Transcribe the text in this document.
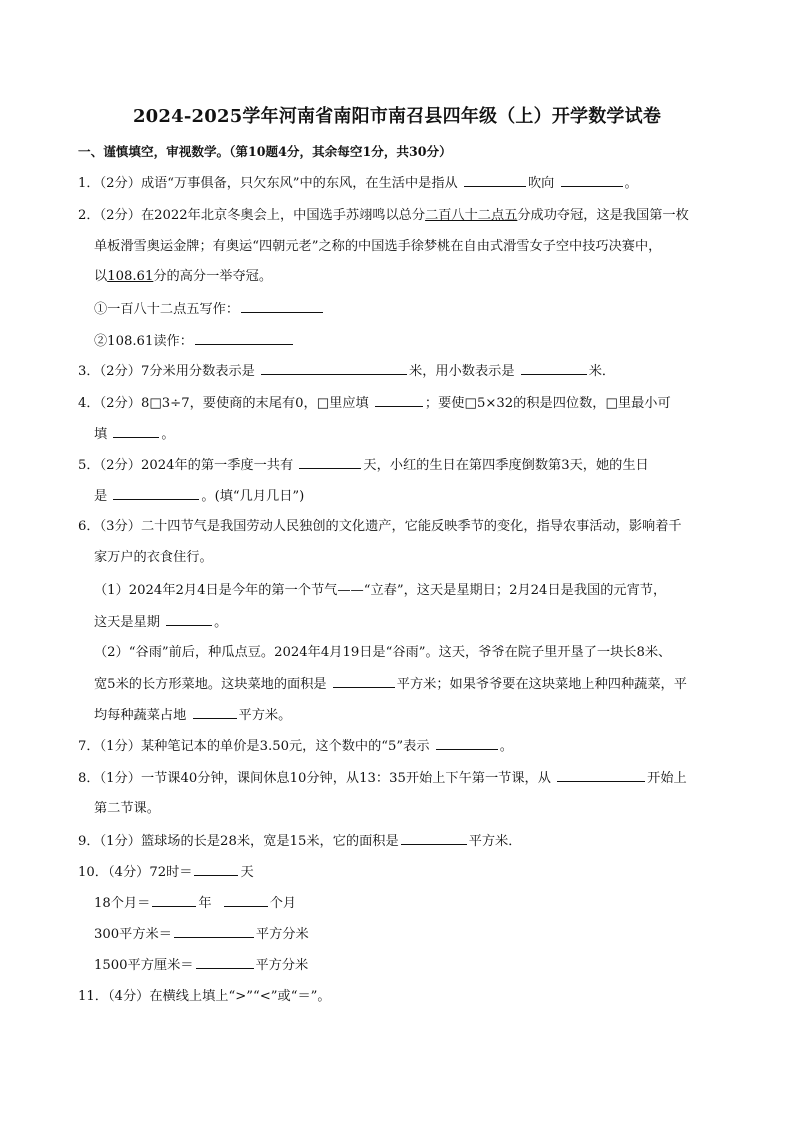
2024-2025学年河南省南阳市南召县四年级（上）开学数学试卷
一、谨慎填空，审视数学。（第10题4分，其余每空1分，共30分）
1．（2分）成语“万事俱备，只欠东风”中的东风，在生活中是指从	吹向	。
2．（2分）在2022年北京冬奥会上，中国选手苏翊鸣以总分二百八十二点五分成功夺冠，这是我国第一枚
单板滑雪奥运金牌；有奥运“四朝元老”之称的中国选手徐梦桃在自由式滑雪女子空中技巧决赛中，
以108.61分的高分一举夺冠。
①一百八十二点五写作：
②108.61读作：
3．（2分）7分米用分数表示是	米，用小数表示是	米．
4．（2分）8□3÷7，要使商的末尾有0，□里应填	；要使□5×32的积是四位数，□里最小可
填	。
5．（2分）2024年的第一季度一共有	天，小红的生日在第四季度倒数第3天，她的生日
是	。(填“几月几日”)
6．（3分）二十四节气是我国劳动人民独创的文化遗产，它能反映季节的变化，指导农事活动，影响着千
家万户的衣食住行。
（1）2024年2月4日是今年的第一个节气——“立春”，这天是星期日；2月24日是我国的元宵节，
这天是星期	。
（2）“谷雨”前后，种瓜点豆。2024年4月19日是“谷雨”。这天，爷爷在院子里开垦了一块长8米、
宽5米的长方形菜地。这块菜地的面积是	平方米；如果爷爷要在这块菜地上种四种蔬菜，平
均每种蔬菜占地	平方米。
7．（1分）某种笔记本的单价是3.50元，这个数中的“5”表示	。
8．（1分）一节课40分钟，课间休息10分钟，从13：35开始上下午第一节课，从	开始上
第二节课。
9．（1分）篮球场的长是28米，宽是15米，它的面积是	平方米．
10．（4分）72时＝	天
18个月＝	年	个月
300平方米＝	平方分米
1500平方厘米＝	平方分米
11．（4分）在横线上填上“>”“<”或“＝”。
